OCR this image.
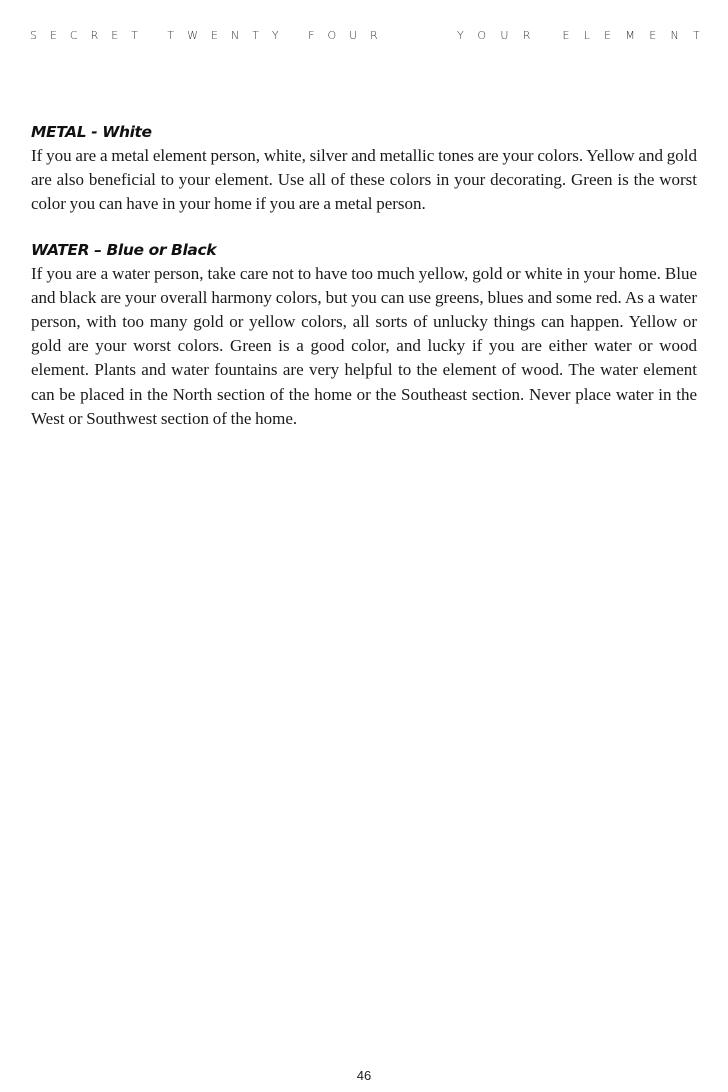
SECRET TWENTY FOUR	YOUR ELEMENT
METAL - White

If you are a metal element person, white, silver and metallic tones are your colors. Yellow and gold are also beneficial to your element. Use all of these colors in your decorating. Green is the worst color you can have in your home if you are a metal person.

WATER – Blue or Black

If you are a water person, take care not to have too much yellow, gold or white in your home. Blue and black are your overall harmony colors, but you can use greens, blues and some red. As a water person, with too many gold or yellow colors, all sorts of unlucky things can happen. Yellow or gold are your worst colors. Green is a good color, and lucky if you are either water or wood element. Plants and water fountains are very helpful to the element of wood. The water element can be placed in the North section of the home or the Southeast section. Never place water in the West or Southwest section of the home.

46
